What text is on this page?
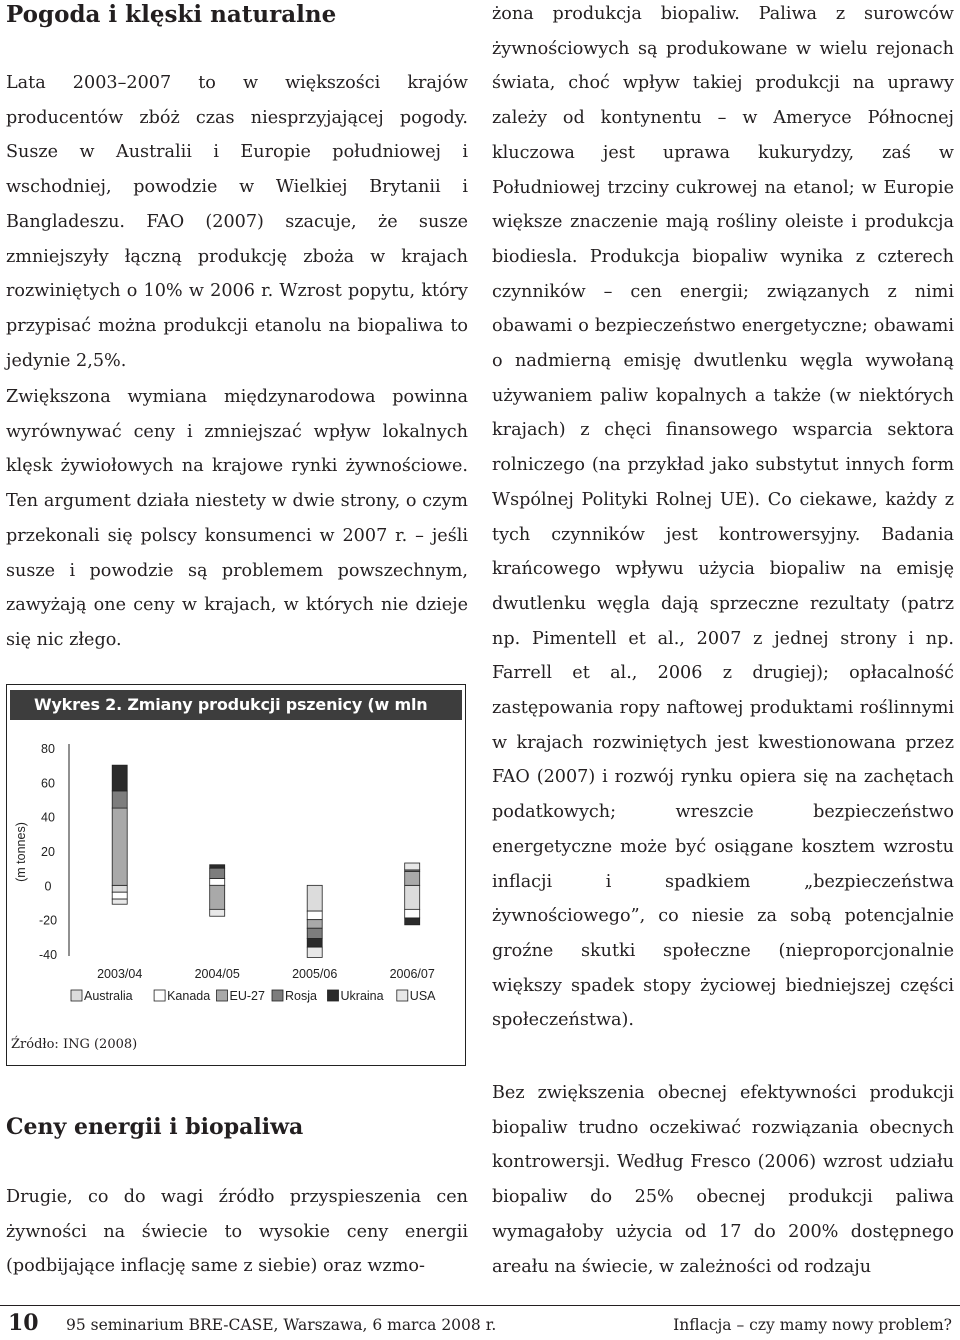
Pogoda i klęski naturalne

Lata 2003–2007 to w większości krajów producentów zbóż czas niesprzyjającej pogody. Susze w Australii i Europie południowej i wschodniej, powodzie w Wielkiej Brytanii i Bangladeszu. FAO (2007) szacuje, że susze zmniejszyły łączną produkcję zboża w krajach rozwiniętych o 10% w 2006 r. Wzrost popytu, który przypisać można produkcji etanolu na biopaliwa to jedynie 2,5%.

Zwiększona wymiana międzynarodowa powinna wyrównywać ceny i zmniejszać wpływ lokalnych klęsk żywiołowych na krajowe rynki żywnościowe. Ten argument działa niestety w dwie strony, o czym przekonali się polscy konsumenci w 2007 r. – jeśli susze i powodzie są problemem powszechnym, zawyżają one ceny w krajach, w których nie dzieje się nic złego.

Wykres 2. Zmiany produkcji pszenicy (w mln ton)
80
60
40
20
0
-20
-40
(m tonnes)
2003/04	2004/05	2005/06	2006/07
Australia	Kanada EU-27 Rosja Ukraina USA
Źródło: ING (2008)
Ceny energii i biopaliwa

Drugie, co do wagi źródło przyspieszenia cen żywności na świecie to wysokie ceny energii (podbijające inflację same z siebie) oraz wzmo-

żona produkcja biopaliw. Paliwa z surowców żywnościowych są produkowane w wielu rejonach świata, choć wpływ takiej produkcji na uprawy zależy od kontynentu – w Ameryce Północnej kluczowa jest uprawa kukurydzy, zaś w Południowej trzciny cukrowej na etanol; w Europie większe znaczenie mają rośliny oleiste i produkcja biodiesla. Produkcja biopaliw wynika z czterech czynników – cen energii; związanych z nimi obawami o bezpieczeństwo energetyczne; obawami o nadmierną emisję dwutlenku węgla wywołaną używaniem paliw kopalnych a także (w niektórych krajach) z chęci finansowego wsparcia sektora rolniczego (na przykład jako substytut innych form Wspólnej Polityki Rolnej UE). Co ciekawe, każdy z tych czynników jest kontrowersyjny. Badania krańcowego wpływu użycia biopaliw na emisję dwutlenku węgla dają sprzeczne rezultaty (patrz np. Pimentell et al., 2007 z jednej strony i np. Farrell et al., 2006 z drugiej); opłacalność zastępowania ropy naftowej produktami roślinnymi w krajach rozwiniętych jest kwestionowana przez FAO (2007) i rozwój rynku opiera się na zachętach podatkowych; wreszcie bezpieczeństwo energetyczne może być osiągane kosztem wzrostu inflacji i spadkiem „bezpieczeństwa żywnościowego”, co niesie za sobą potencjalnie groźne skutki społeczne (nieproporcjonalnie większy spadek stopy życiowej biedniejszej części społeczeństwa).

Bez zwiększenia obecnej efektywności produkcji biopaliw trudno oczekiwać rozwiązania obecnych kontrowersji. Według Fresco (2006) wzrost udziału biopaliw do 25% obecnej produkcji paliwa wymagałoby użycia od 17 do 200% dostępnego areału na świecie, w zależności od rodzaju

10 95 seminarium BRE-CASE, Warszawa, 6 marca 2008 r.	Inflacja – czy mamy nowy problem?
